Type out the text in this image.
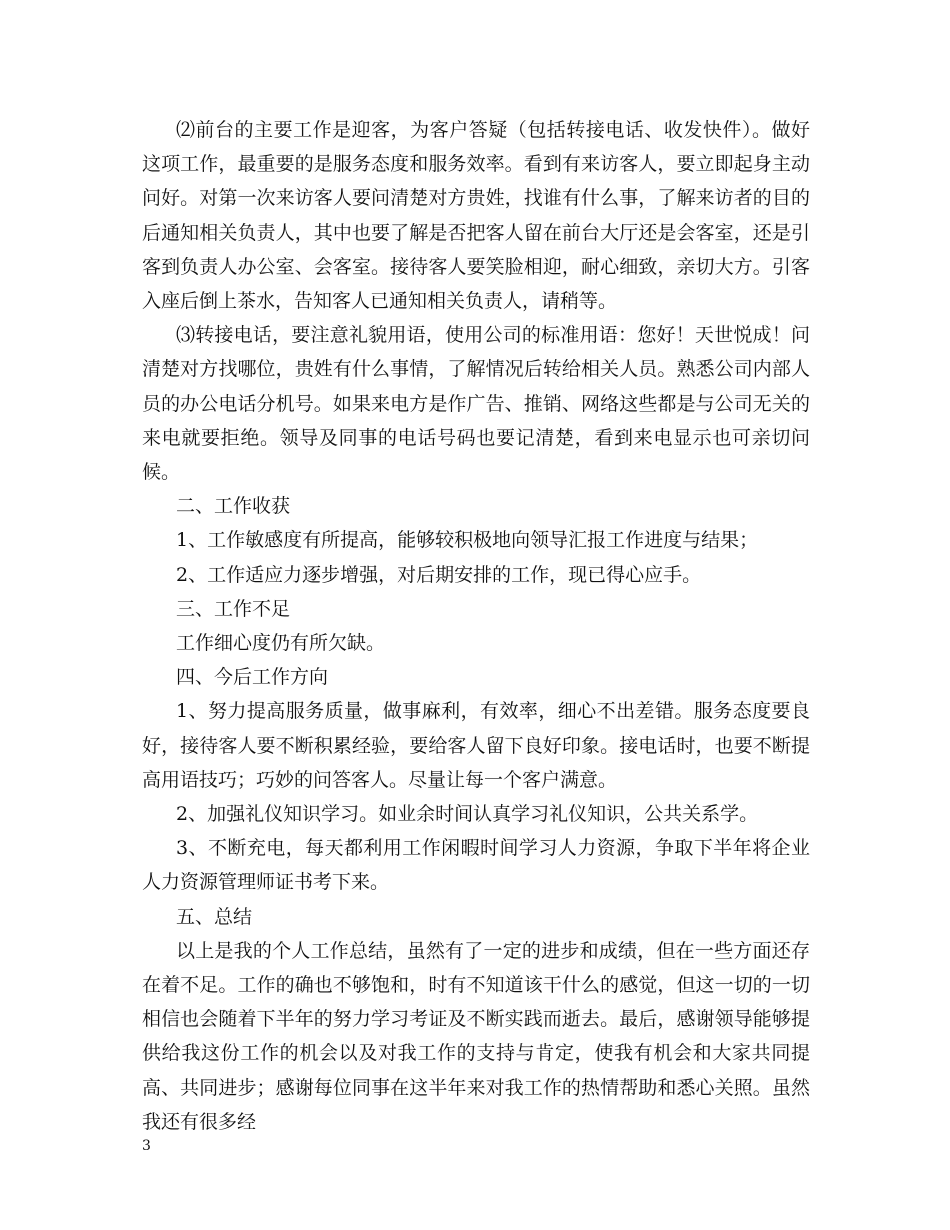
⑵前台的主要工作是迎客，为客户答疑（包括转接电话、收发快件）。做好这项工作，最重要的是服务态度和服务效率。看到有来访客人，要立即起身主动问好。对第一次来访客人要问清楚对方贵姓，找谁有什么事，了解来访者的目的后通知相关负责人，其中也要了解是否把客人留在前台大厅还是会客室，还是引客到负责人办公室、会客室。接待客人要笑脸相迎，耐心细致，亲切大方。引客入座后倒上茶水，告知客人已通知相关负责人，请稍等。

⑶转接电话，要注意礼貌用语，使用公司的标准用语：您好！天世悦成！问清楚对方找哪位，贵姓有什么事情，了解情况后转给相关人员。熟悉公司内部人员的办公电话分机号。如果来电方是作广告、推销、网络这些都是与公司无关的来电就要拒绝。领导及同事的电话号码也要记清楚，看到来电显示也可亲切问候。

二、工作收获

1、工作敏感度有所提高，能够较积极地向领导汇报工作进度与结果；

2、工作适应力逐步增强，对后期安排的工作，现已得心应手。

三、工作不足

工作细心度仍有所欠缺。

四、今后工作方向

1、努力提高服务质量，做事麻利，有效率，细心不出差错。服务态度要良好，接待客人要不断积累经验，要给客人留下良好印象。接电话时，也要不断提高用语技巧；巧妙的问答客人。尽量让每一个客户满意。

2、加强礼仪知识学习。如业余时间认真学习礼仪知识，公共关系学。

3、不断充电，每天都利用工作闲暇时间学习人力资源，争取下半年将企业人力资源管理师证书考下来。

五、总结

以上是我的个人工作总结，虽然有了一定的进步和成绩，但在一些方面还存在着不足。工作的确也不够饱和，时有不知道该干什么的感觉，但这一切的一切相信也会随着下半年的努力学习考证及不断实践而逝去。最后，感谢领导能够提供给我这份工作的机会以及对我工作的支持与肯定，使我有机会和大家共同提高、共同进步；感谢每位同事在这半年来对我工作的热情帮助和悉心关照。虽然我还有很多经

3
